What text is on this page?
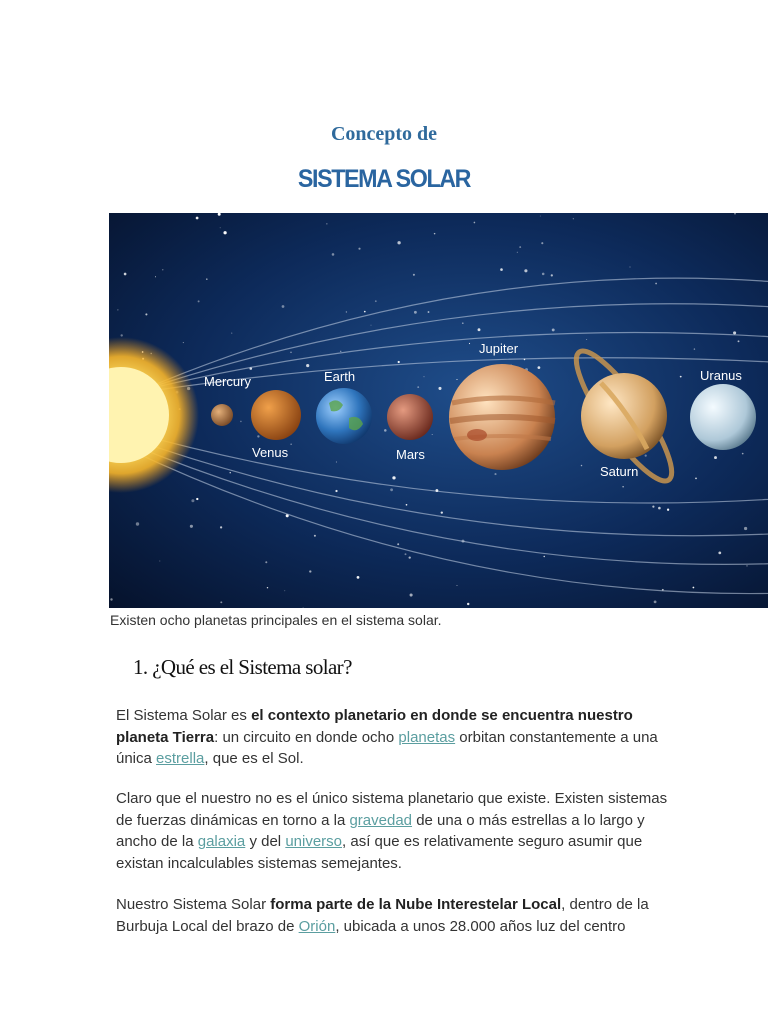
Concepto de

SISTEMA SOLAR
Mercury
Venus
Earth
Mars
Jupiter
Saturn
Uranus

Existen ocho planetas principales en el sistema solar.

1. ¿Qué es el Sistema solar?

El Sistema Solar es el contexto planetario en donde se encuentra nuestro planeta Tierra: un circuito en donde ocho planetas orbitan constantemente a una única estrella, que es el Sol.

Claro que el nuestro no es el único sistema planetario que existe. Existen sistemas de fuerzas dinámicas en torno a la gravedad de una o más estrellas a lo largo y ancho de la galaxia y del universo, así que es relativamente seguro asumir que existan incalculables sistemas semejantes.

Nuestro Sistema Solar forma parte de la Nube Interestelar Local, dentro de la Burbuja Local del brazo de Orión, ubicada a unos 28.000 años luz del centro
